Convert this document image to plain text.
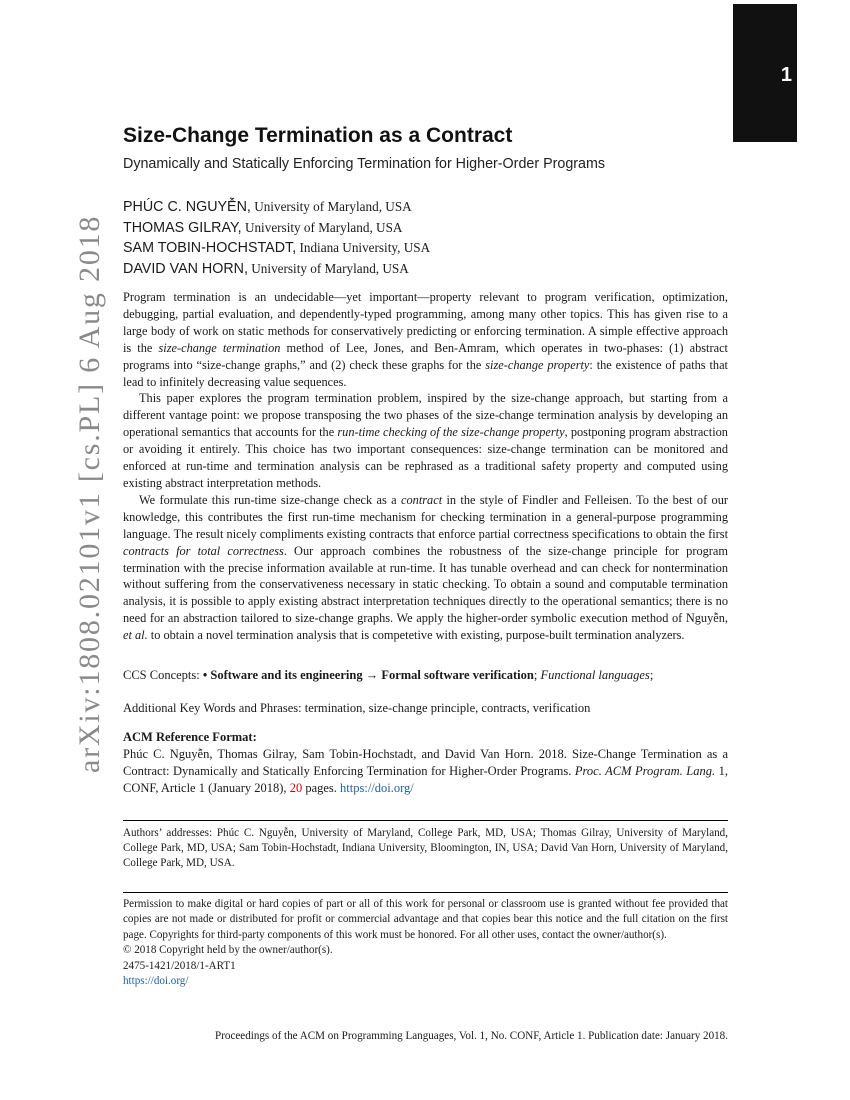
1
arXiv:1808.02101v1 [cs.PL] 6 Aug 2018
Size-Change Termination as a Contract
Dynamically and Statically Enforcing Termination for Higher-Order Programs
PHÚC C. NGUYỄN, University of Maryland, USA
THOMAS GILRAY, University of Maryland, USA
SAM TOBIN-HOCHSTADT, Indiana University, USA
DAVID VAN HORN, University of Maryland, USA

Program termination is an undecidable—yet important—property relevant to program verification, optimization, debugging, partial evaluation, and dependently-typed programming, among many other topics. This has given rise to a large body of work on static methods for conservatively predicting or enforcing termination. A simple effective approach is the size-change termination method of Lee, Jones, and Ben-Amram, which operates in two-phases: (1) abstract programs into “size-change graphs,” and (2) check these graphs for the size-change property: the existence of paths that lead to infinitely decreasing value sequences.

This paper explores the program termination problem, inspired by the size-change approach, but starting from a different vantage point: we propose transposing the two phases of the size-change termination analysis by developing an operational semantics that accounts for the run-time checking of the size-change property, postponing program abstraction or avoiding it entirely. This choice has two important consequences: size-change termination can be monitored and enforced at run-time and termination analysis can be rephrased as a traditional safety property and computed using existing abstract interpretation methods.

We formulate this run-time size-change check as a contract in the style of Findler and Felleisen. To the best of our knowledge, this contributes the first run-time mechanism for checking termination in a general-purpose programming language. The result nicely compliments existing contracts that enforce partial correctness specifications to obtain the first contracts for total correctness. Our approach combines the robustness of the size-change principle for program termination with the precise information available at run-time. It has tunable overhead and can check for nontermination without suffering from the conservativeness necessary in static checking. To obtain a sound and computable termination analysis, it is possible to apply existing abstract interpretation techniques directly to the operational semantics; there is no need for an abstraction tailored to size-change graphs. We apply the higher-order symbolic execution method of Nguyễn, et al. to obtain a novel termination analysis that is competetive with existing, purpose-built termination analyzers.

CCS Concepts: • Software and its engineering → Formal software verification; Functional languages;
Additional Key Words and Phrases: termination, size-change principle, contracts, verification
ACM Reference Format:
Phúc C. Nguyễn, Thomas Gilray, Sam Tobin-Hochstadt, and David Van Horn. 2018. Size-Change Termination as a Contract: Dynamically and Statically Enforcing Termination for Higher-Order Programs. Proc. ACM Program. Lang. 1, CONF, Article 1 (January 2018), 20 pages. https://doi.org/
Authors’ addresses: Phúc C. Nguyễn, University of Maryland, College Park, MD, USA; Thomas Gilray, University of Maryland, College Park, MD, USA; Sam Tobin-Hochstadt, Indiana University, Bloomington, IN, USA; David Van Horn, University of Maryland, College Park, MD, USA.
Permission to make digital or hard copies of part or all of this work for personal or classroom use is granted without fee provided that copies are not made or distributed for profit or commercial advantage and that copies bear this notice and the full citation on the first page. Copyrights for third-party components of this work must be honored. For all other uses, contact the owner/author(s).
© 2018 Copyright held by the owner/author(s).
2475-1421/2018/1-ART1
https://doi.org/
Proceedings of the ACM on Programming Languages, Vol. 1, No. CONF, Article 1. Publication date: January 2018.
